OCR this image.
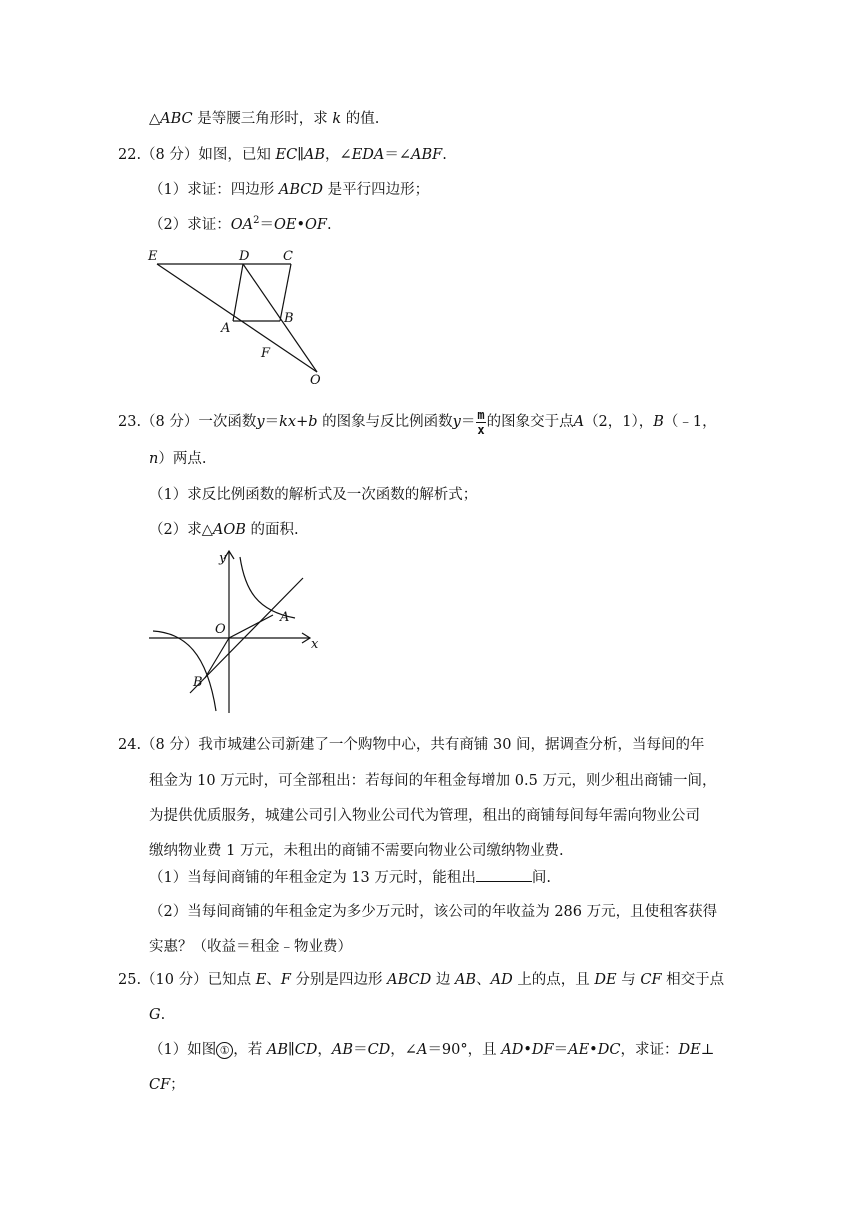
△ABC 是等腰三角形时，求 k 的值.
22.（8 分）如图，已知 EC∥AB，∠EDA＝∠ABF.
（1）求证：四边形 ABCD 是平行四边形；
（2）求证：$OA^2=OE•OF$.
E	D	C
A
B
F
O
23.（8 分）一次函数y＝kx+b 的图象与反比例函数$y= \frac{m}{x}$ 的图象交于点A（2，1），B（﹣1，
n）两点.
（1）求反比例函数的解析式及一次函数的解析式；
（2）求△AOB 的面积.
y
x
O
A
B
24.（8 分）我市城建公司新建了一个购物中心，共有商铺 30 间，据调查分析，当每间的年
租金为 10 万元时，可全部租出：若每间的年租金每增加 0.5 万元，则少租出商铺一间，
为提供优质服务，城建公司引入物业公司代为管理，租出的商铺每间每年需向物业公司
缴纳物业费 1 万元，未租出的商铺不需要向物业公司缴纳物业费.
（1）当每间商铺的年租金定为 13 万元时，能租出	间.
（2）当每间商铺的年租金定为多少万元时，该公司的年收益为 286 万元，且使租客获得
实惠？（收益＝租金﹣物业费）
25.（10 分）已知点 E、F 分别是四边形 ABCD 边 AB、AD 上的点，且 DE 与 CF 相交于点
G.
（1）如图 ① ，若 AB∥CD，AB＝CD，∠A＝90°，且 AD•DF＝AE•DC，求证：DE⊥
CF；
